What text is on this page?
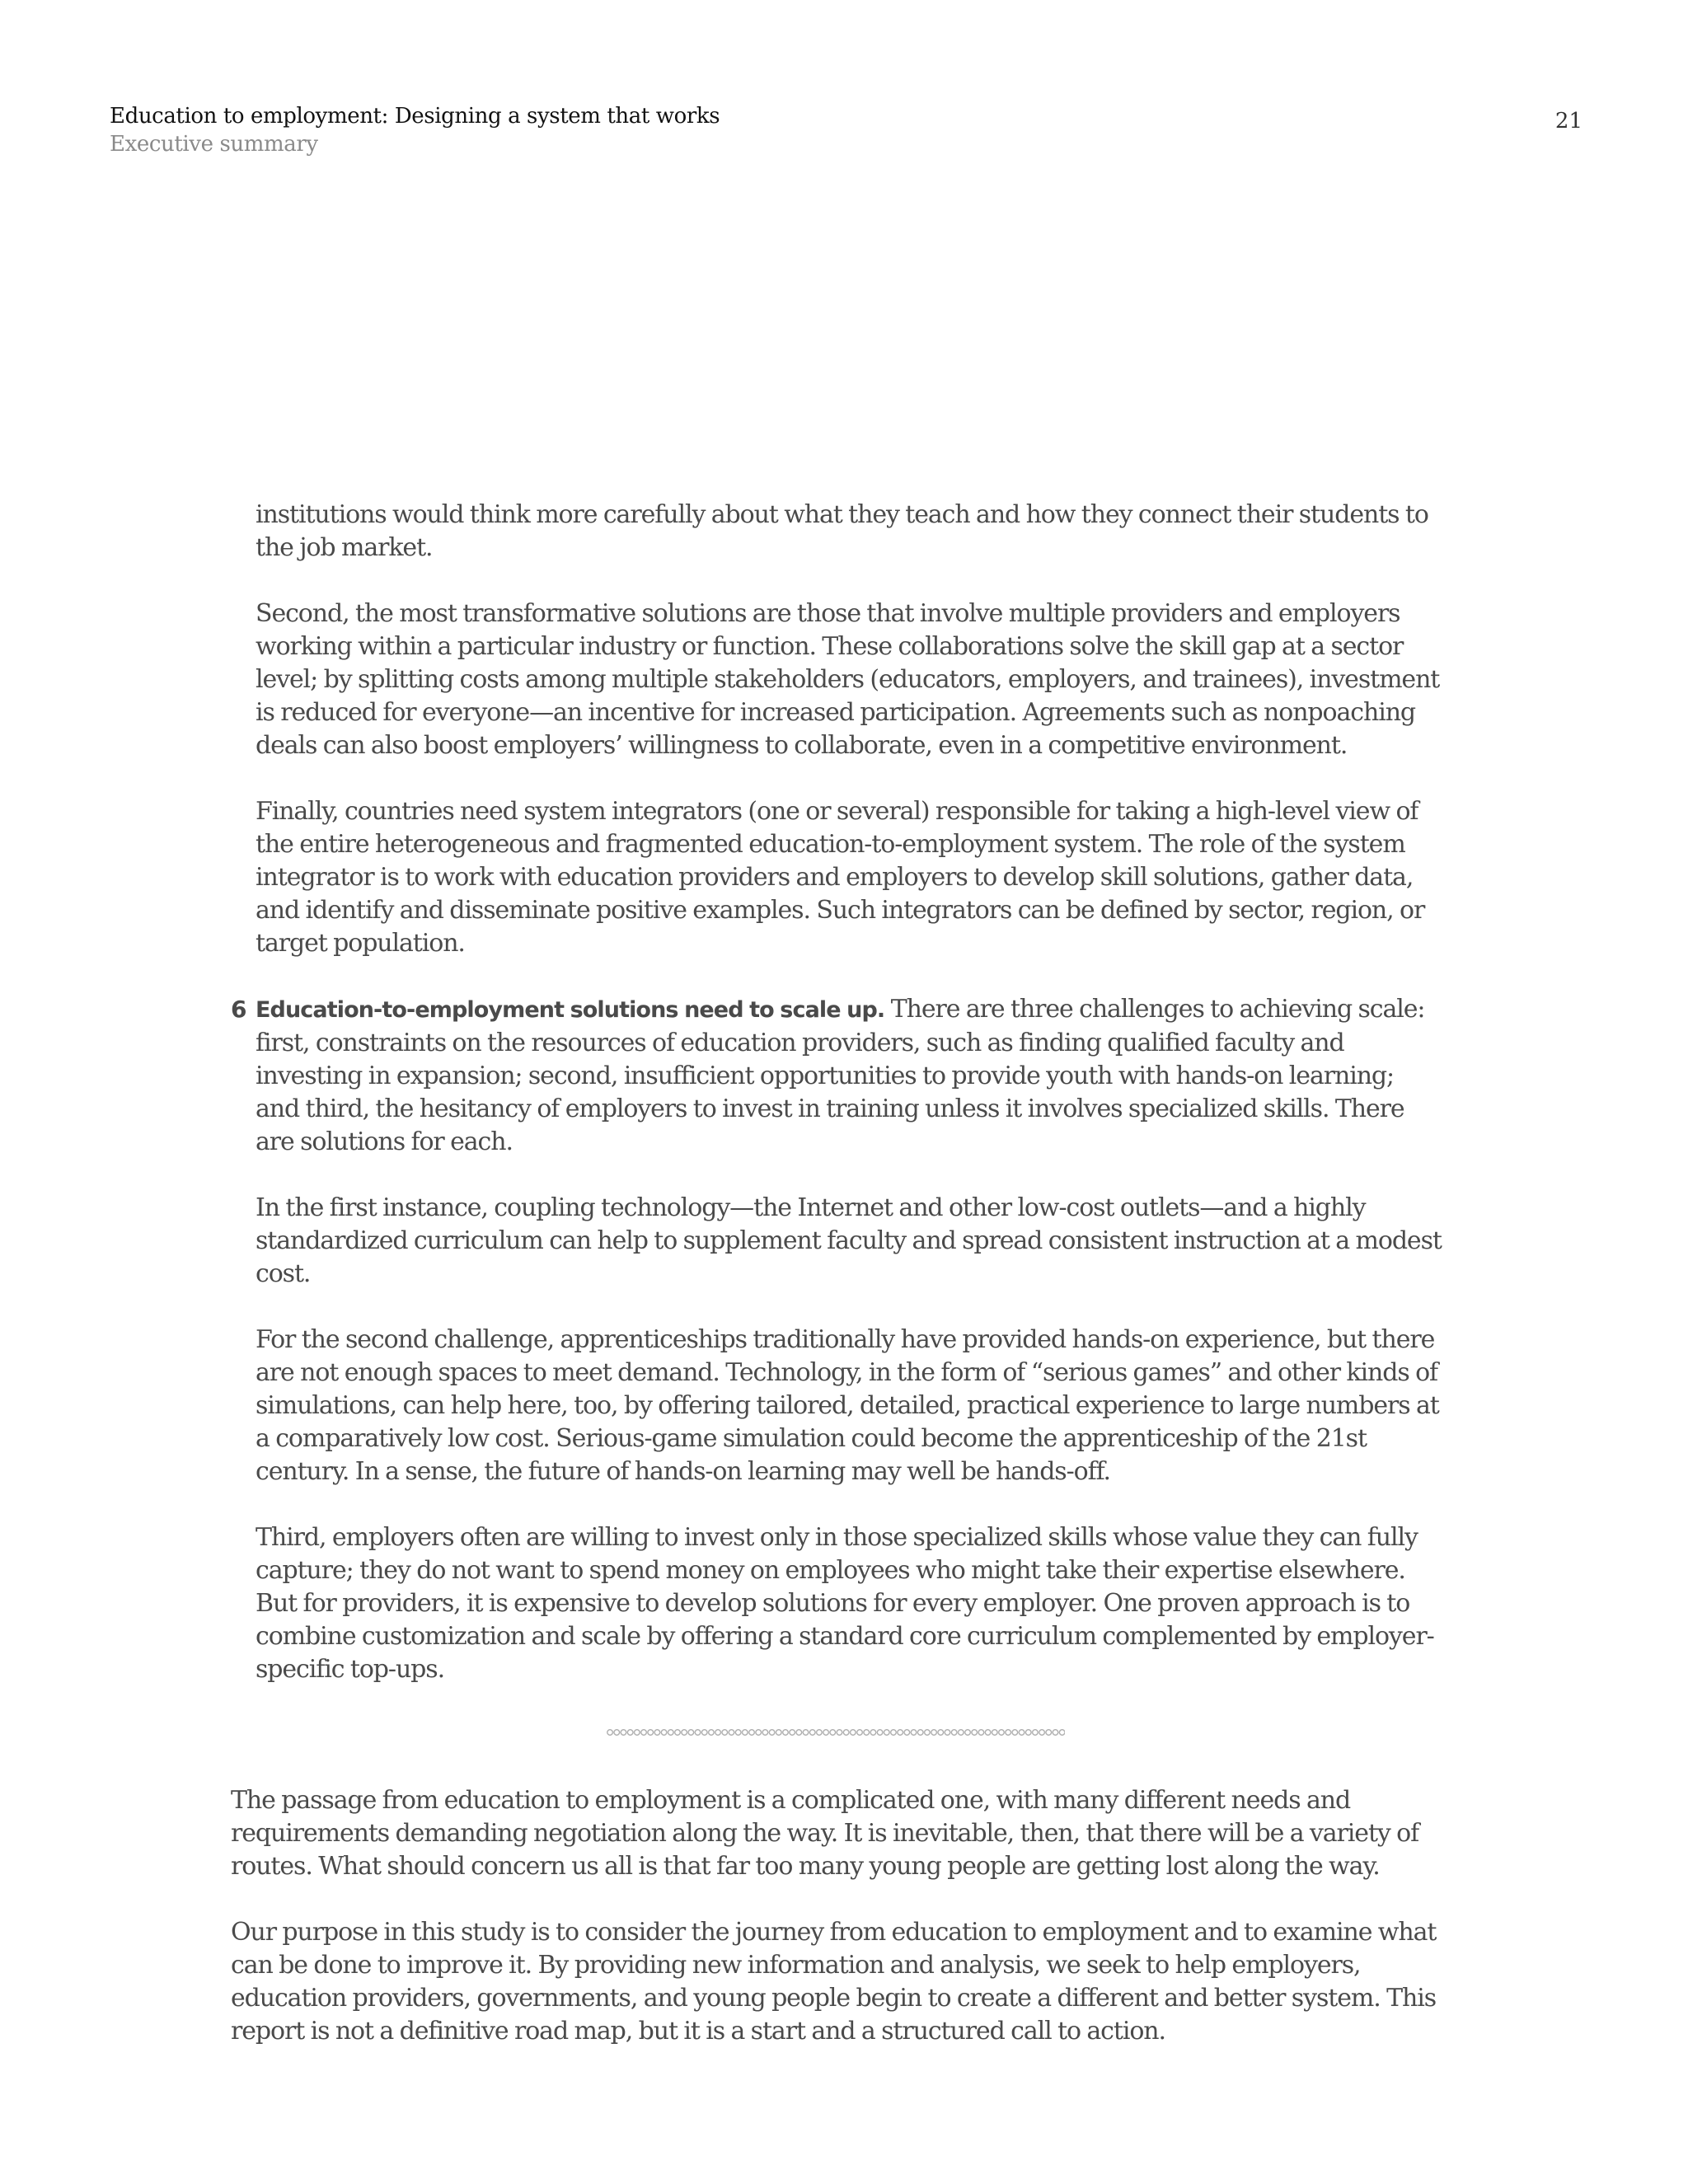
Education to employment: Designing a system that works
Executive summary
21

institutions would think more carefully about what they teach and how they connect their students to the job market.

Second, the most transformative solutions are those that involve multiple providers and employers working within a particular industry or function. These collaborations solve the skill gap at a sector level; by splitting costs among multiple stakeholders (educators, employers, and trainees), investment is reduced for everyone—an incentive for increased participation. Agreements such as nonpoaching deals can also boost employers’ willingness to collaborate, even in a competitive environment.

Finally, countries need system integrators (one or several) responsible for taking a high-level view of the entire heterogeneous and fragmented education-to-employment system. The role of the system integrator is to work with education providers and employers to develop skill solutions, gather data, and identify and disseminate positive examples. Such integrators can be defined by sector, region, or target population.

6 Education-to-employment solutions need to scale up. There are three challenges to achieving scale: first, constraints on the resources of education providers, such as finding qualified faculty and investing in expansion; second, insufficient opportunities to provide youth with hands-on learning; and third, the hesitancy of employers to invest in training unless it involves specialized skills. There are solutions for each.

In the first instance, coupling technology—the Internet and other low-cost outlets—and a highly standardized curriculum can help to supplement faculty and spread consistent instruction at a modest cost.

For the second challenge, apprenticeships traditionally have provided hands-on experience, but there are not enough spaces to meet demand. Technology, in the form of “serious games” and other kinds of simulations, can help here, too, by offering tailored, detailed, practical experience to large numbers at a comparatively low cost. Serious-game simulation could become the apprenticeship of the 21st century. In a sense, the future of hands-on learning may well be hands-off.

Third, employers often are willing to invest only in those specialized skills whose value they can fully capture; they do not want to spend money on employees who might take their expertise elsewhere. But for providers, it is expensive to develop solutions for every employer. One proven approach is to combine customization and scale by offering a standard core curriculum complemented by employer-specific top-ups.

The passage from education to employment is a complicated one, with many different needs and requirements demanding negotiation along the way. It is inevitable, then, that there will be a variety of routes. What should concern us all is that far too many young people are getting lost along the way.

Our purpose in this study is to consider the journey from education to employment and to examine what can be done to improve it. By providing new information and analysis, we seek to help employers, education providers, governments, and young people begin to create a different and better system. This report is not a definitive road map, but it is a start and a structured call to action.
